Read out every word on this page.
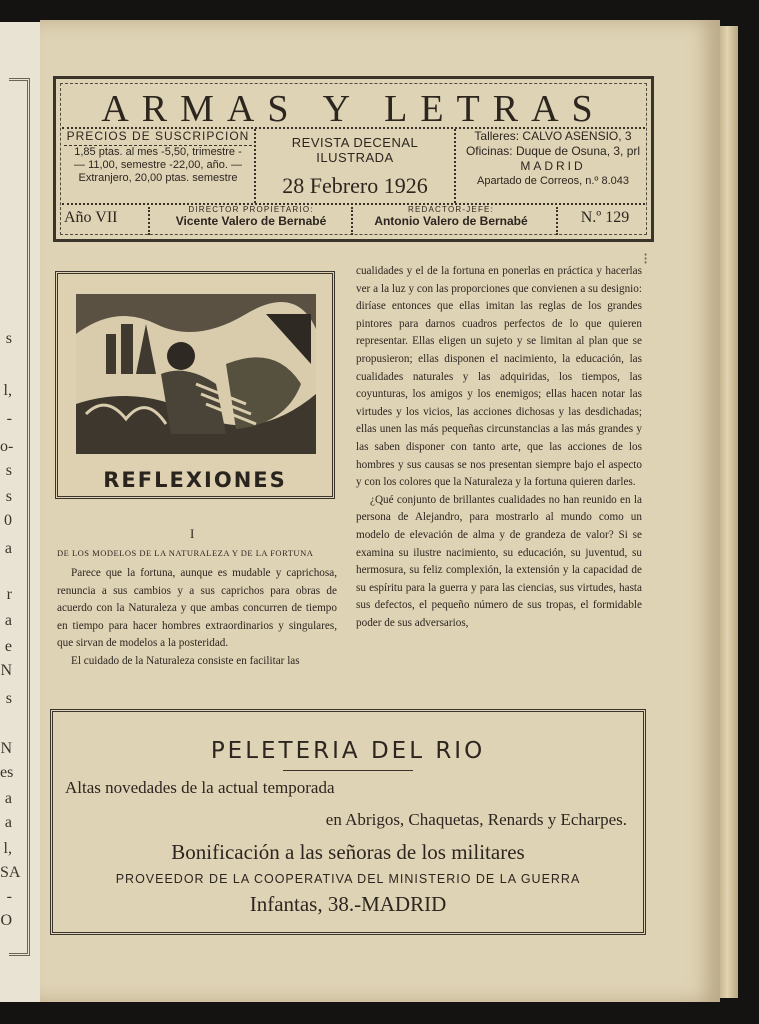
s
l,
-
o-
s
s
0
a
r
a
e
N
s
N
es
a
a
l,
SA
-
O
ARMAS Y LETRAS
PRECIOS DE SUSCRIPCION
1,85 ptas. al mes -5,50, trimestre -
— 11,00, semestre -22,00, año. —
Extranjero, 20,00 ptas. semestre
REVISTA DECENAL ILUSTRADA
28 Febrero 1926
Talleres: CALVO ASENSIO, 3
Oficinas: Duque de Osuna, 3, prl
MADRID
Apartado de Correos, n.º 8.043
Año VII	DIRECTOR PROPIETARIO:
Vicente Valero de Bernabé
REDACTOR-JEFE:
Antonio Valero de Bernabé	N.º 129
REFLEXIONES
⁝
I
DE LOS MODELOS DE LA NATURALEZA Y DE LA FORTUNA

Parece que la fortuna, aunque es mudable y caprichosa, renuncia a sus cambios y a sus caprichos para obras de acuerdo con la Naturaleza y que ambas concurren de tiempo en tiempo para hacer hombres extraordinarios y singulares, que sirvan de modelos a la posteridad.

El cuidado de la Naturaleza consiste en facilitar las

cualidades y el de la fortuna en ponerlas en práctica y hacerlas ver a la luz y con las proporciones que convienen a su designio: diríase entonces que ellas imitan las reglas de los grandes pintores para darnos cuadros perfectos de lo que quieren representar. Ellas eligen un sujeto y se limitan al plan que se propusieron; ellas disponen el nacimiento, la educación, las cualidades naturales y las adquiridas, los tiempos, las coyunturas, los amigos y los enemigos; ellas hacen notar las virtudes y los vicios, las acciones dichosas y las desdichadas; ellas unen las más pequeñas circunstancias a las más grandes y las saben disponer con tanto arte, que las acciones de los hombres y sus causas se nos presentan siempre bajo el aspecto y con los colores que la Naturaleza y la fortuna quieren darles.

¿Qué conjunto de brillantes cualidades no han reunido en la persona de Alejandro, para mostrarlo al mundo como un modelo de elevación de alma y de grandeza de valor? Si se examina su ilustre nacimiento, su educación, su juventud, su hermosura, su feliz complexión, la extensión y la capacidad de su espíritu para la guerra y para las ciencias, sus virtudes, hasta sus defectos, el pequeño número de sus tropas, el formidable poder de sus adversarios,

PELETERIA DEL RIO
Altas novedades de la actual temporada
en Abrigos, Chaquetas, Renards y Echarpes.
Bonificación a las señoras de los militares
PROVEEDOR DE LA COOPERATIVA DEL MINISTERIO DE LA GUERRA
Infantas, 38.-MADRID
